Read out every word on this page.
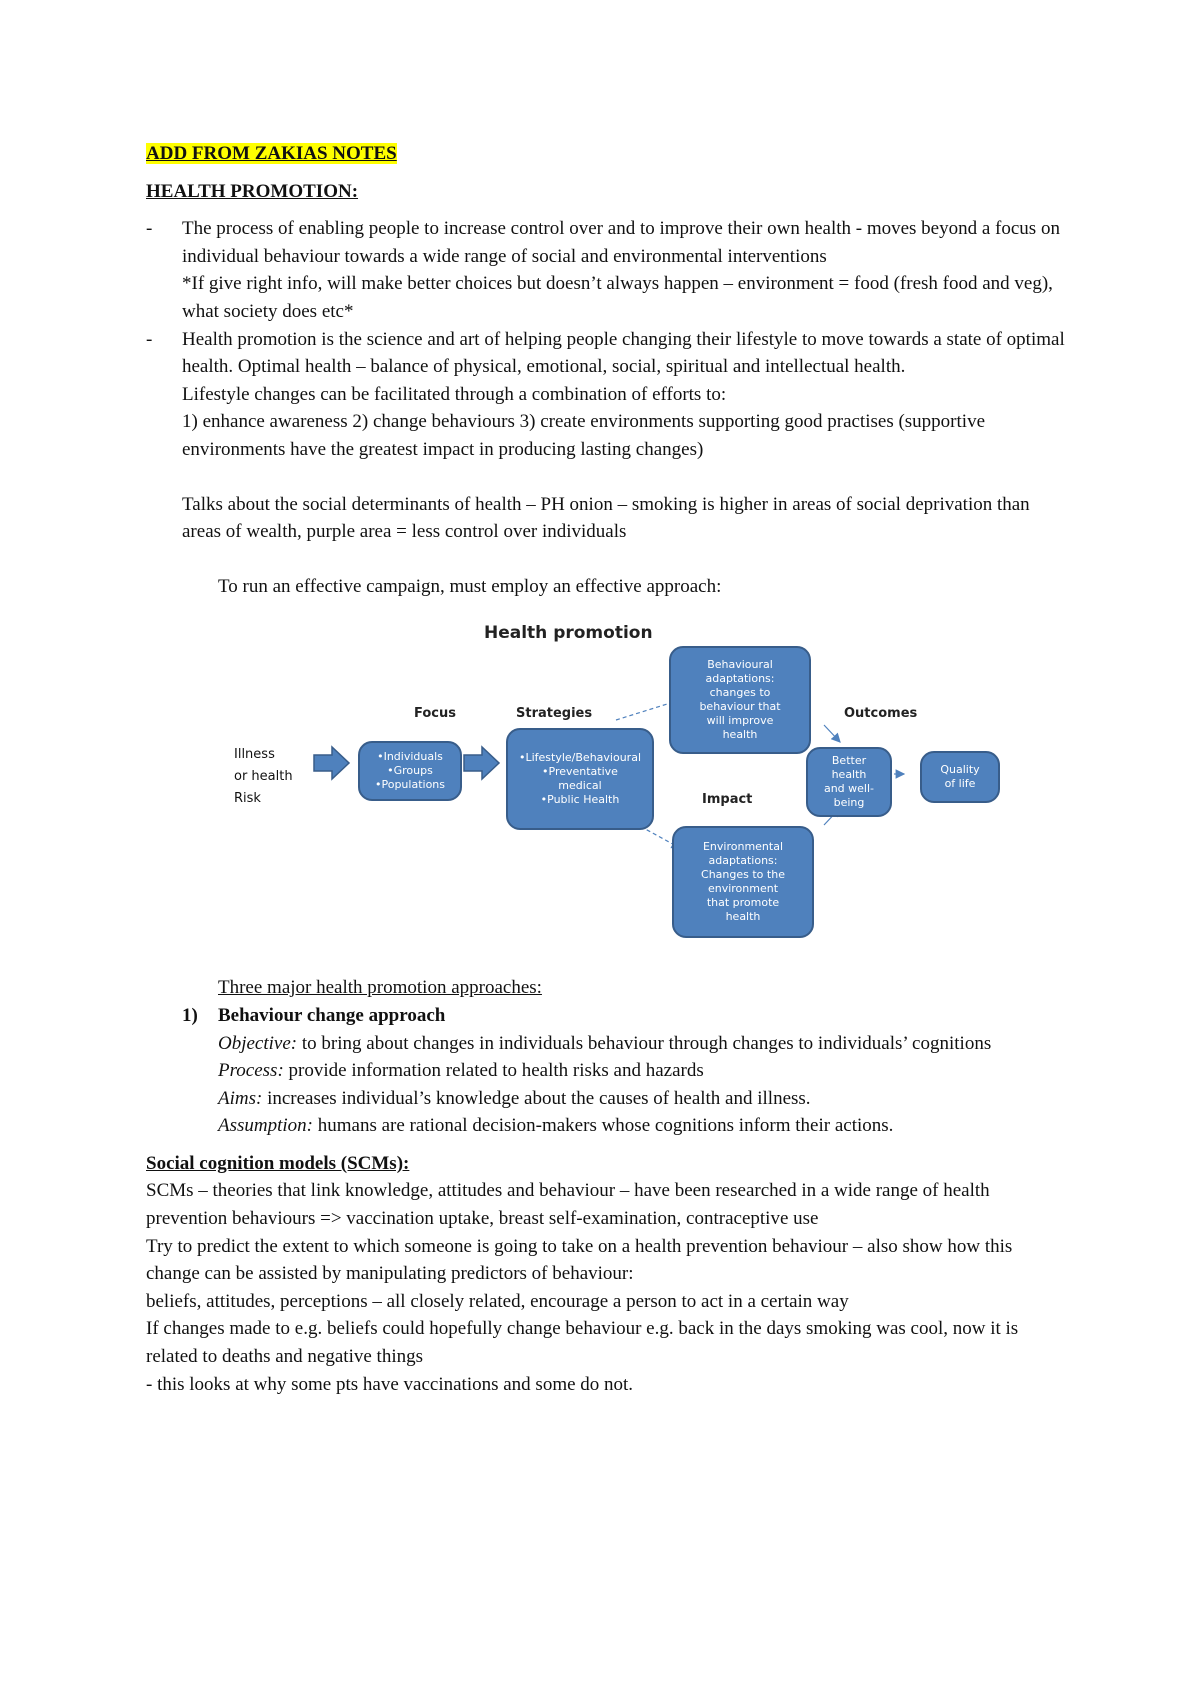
ADD FROM ZAKIAS NOTES

HEALTH PROMOTION:

-	The process of enabling people to increase control over and to improve their own health - moves beyond a focus on individual behaviour towards a wide range of social and environmental interventions

*If give right info, will make better choices but doesn’t always happen – environment = food (fresh food and veg), what society does etc*

-	Health promotion is the science and art of helping people changing their lifestyle to move towards a state of optimal health. Optimal health – balance of physical, emotional, social, spiritual and intellectual health.

Lifestyle changes can be facilitated through a combination of efforts to:

1) enhance awareness 2) change behaviours 3) create environments supporting good practises (supportive environments have the greatest impact in producing lasting changes)

Talks about the social determinants of health – PH onion – smoking is higher in areas of social deprivation than areas of wealth, purple area = less control over individuals

To run an effective campaign, must employ an effective approach:

Health promotion
Focus	Strategies	Outcomes
Impact
Illness
or health
Risk
•Individuals
•Groups
•Populations
•Lifestyle/Behavioural
•Preventative
medical
•Public Health
Behavioural
adaptations:
changes to
behaviour that
will improve
health
Environmental
adaptations:
Changes to the
environment
that promote
health
Better
health
and well-
being
Quality
of life

Three major health promotion approaches:

1)	Behaviour change approach

Objective: to bring about changes in individuals behaviour through changes to individuals’ cognitions

Process: provide information related to health risks and hazards

Aims: increases individual’s knowledge about the causes of health and illness.

Assumption: humans are rational decision-makers whose cognitions inform their actions.

Social cognition models (SCMs):

SCMs – theories that link knowledge, attitudes and behaviour – have been researched in a wide range of health prevention behaviours => vaccination uptake, breast self-examination, contraceptive use

Try to predict the extent to which someone is going to take on a health prevention behaviour – also show how this change can be assisted by manipulating predictors of behaviour:

beliefs, attitudes, perceptions – all closely related, encourage a person to act in a certain way

If changes made to e.g. beliefs could hopefully change behaviour e.g. back in the days smoking was cool, now it is related to deaths and negative things

- this looks at why some pts have vaccinations and some do not.
